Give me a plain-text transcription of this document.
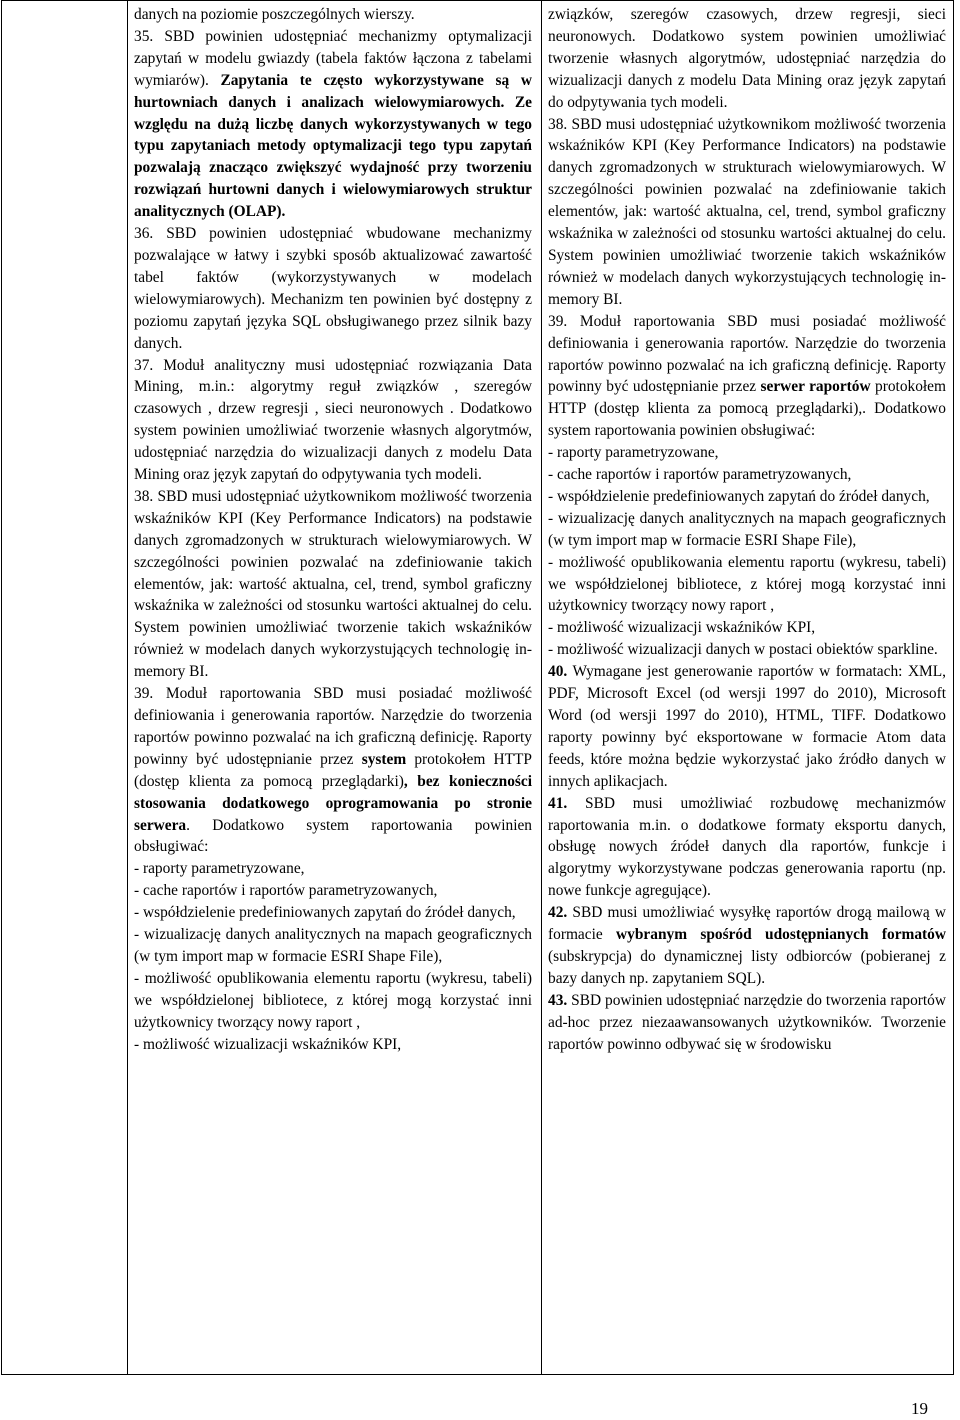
danych na poziomie poszczególnych wierszy.

35. SBD powinien udostępniać mechanizmy optymalizacji zapytań w modelu gwiazdy (tabela faktów łączona z tabelami wymiarów). Zapytania te często wykorzystywane są w hurtowniach danych i analizach wielowymiarowych. Ze względu na dużą liczbę danych wykorzystywanych w tego typu zapytaniach metody optymalizacji tego typu zapytań pozwalają znacząco zwiększyć wydajność przy tworzeniu rozwiązań hurtowni danych i wielowymiarowych struktur analitycznych (OLAP).

36. SBD powinien udostępniać wbudowane mechanizmy pozwalające w łatwy i szybki sposób aktualizować zawartość tabel faktów (wykorzystywanych w modelach wielowymiarowych). Mechanizm ten powinien być dostępny z poziomu zapytań języka SQL obsługiwanego przez silnik bazy danych.

37. Moduł analityczny musi udostępniać rozwiązania Data Mining, m.in.: algorytmy reguł związków , szeregów czasowych , drzew regresji , sieci neuronowych . Dodatkowo system powinien umożliwiać tworzenie własnych algorytmów, udostępniać narzędzia do wizualizacji danych z modelu Data Mining oraz język zapytań do odpytywania tych modeli.

38. SBD musi udostępniać użytkownikom możliwość tworzenia wskaźników KPI (Key Performance Indicators) na podstawie danych zgromadzonych w strukturach wielowymiarowych. W szczególności powinien pozwalać na zdefiniowanie takich elementów, jak: wartość aktualna, cel, trend, symbol graficzny wskaźnika w zależności od stosunku wartości aktualnej do celu. System powinien umożliwiać tworzenie takich wskaźników również w modelach danych wykorzystujących technologię in-memory BI.

39. Moduł raportowania SBD musi posiadać możliwość definiowania i generowania raportów. Narzędzie do tworzenia raportów powinno pozwalać na ich graficzną definicję. Raporty powinny być udostępnianie przez system protokołem HTTP (dostęp klienta za pomocą przeglądarki), bez konieczności stosowania dodatkowego oprogramowania po stronie serwera. Dodatkowo system raportowania powinien obsługiwać:

- raporty parametryzowane,

- cache raportów i raportów parametryzowanych,

- współdzielenie predefiniowanych zapytań do źródeł danych,

- wizualizację danych analitycznych na mapach geograficznych (w tym import map w formacie ESRI Shape File),

- możliwość opublikowania elementu raportu (wykresu, tabeli) we współdzielonej bibliotece, z której mogą korzystać inni użytkownicy tworzący nowy raport ,

- możliwość wizualizacji wskaźników KPI,

związków, szeregów czasowych, drzew regresji, sieci neuronowych. Dodatkowo system powinien umożliwiać tworzenie własnych algorytmów, udostępniać narzędzia do wizualizacji danych z modelu Data Mining oraz język zapytań do odpytywania tych modeli.

38. SBD musi udostępniać użytkownikom możliwość tworzenia wskaźników KPI (Key Performance Indicators) na podstawie danych zgromadzonych w strukturach wielowymiarowych. W szczególności powinien pozwalać na zdefiniowanie takich elementów, jak: wartość aktualna, cel, trend, symbol graficzny wskaźnika w zależności od stosunku wartości aktualnej do celu. System powinien umożliwiać tworzenie takich wskaźników również w modelach danych wykorzystujących technologię in-memory BI.

39. Moduł raportowania SBD musi posiadać możliwość definiowania i generowania raportów. Narzędzie do tworzenia raportów powinno pozwalać na ich graficzną definicję. Raporty powinny być udostępnianie przez serwer raportów protokołem HTTP (dostęp klienta za pomocą przeglądarki),. Dodatkowo system raportowania powinien obsługiwać:

- raporty parametryzowane,

- cache raportów i raportów parametryzowanych,

- współdzielenie predefiniowanych zapytań do źródeł danych,

- wizualizację danych analitycznych na mapach geograficznych (w tym import map w formacie ESRI Shape File),

- możliwość opublikowania elementu raportu (wykresu, tabeli) we współdzielonej bibliotece, z której mogą korzystać inni użytkownicy tworzący nowy raport ,

- możliwość wizualizacji wskaźników KPI,

- możliwość wizualizacji danych w postaci obiektów sparkline.

40. Wymagane jest generowanie raportów w formatach: XML, PDF, Microsoft Excel (od wersji 1997 do 2010), Microsoft Word (od wersji 1997 do 2010), HTML, TIFF. Dodatkowo raporty powinny być eksportowane w formacie Atom data feeds, które można będzie wykorzystać jako źródło danych w innych aplikacjach.

41. SBD musi umożliwiać rozbudowę mechanizmów raportowania m.in. o dodatkowe formaty eksportu danych, obsługę nowych źródeł danych dla raportów, funkcje i algorytmy wykorzystywane podczas generowania raportu (np. nowe funkcje agregujące).

42. SBD musi umożliwiać wysyłkę raportów drogą mailową w formacie wybranym spośród udostępnianych formatów (subskrypcja) do dynamicznej listy odbiorców (pobieranej z bazy danych np. zapytaniem SQL).

43. SBD powinien udostępniać narzędzie do tworzenia raportów ad-hoc przez niezaawansowanych użytkowników. Tworzenie raportów powinno odbywać się w środowisku

19
